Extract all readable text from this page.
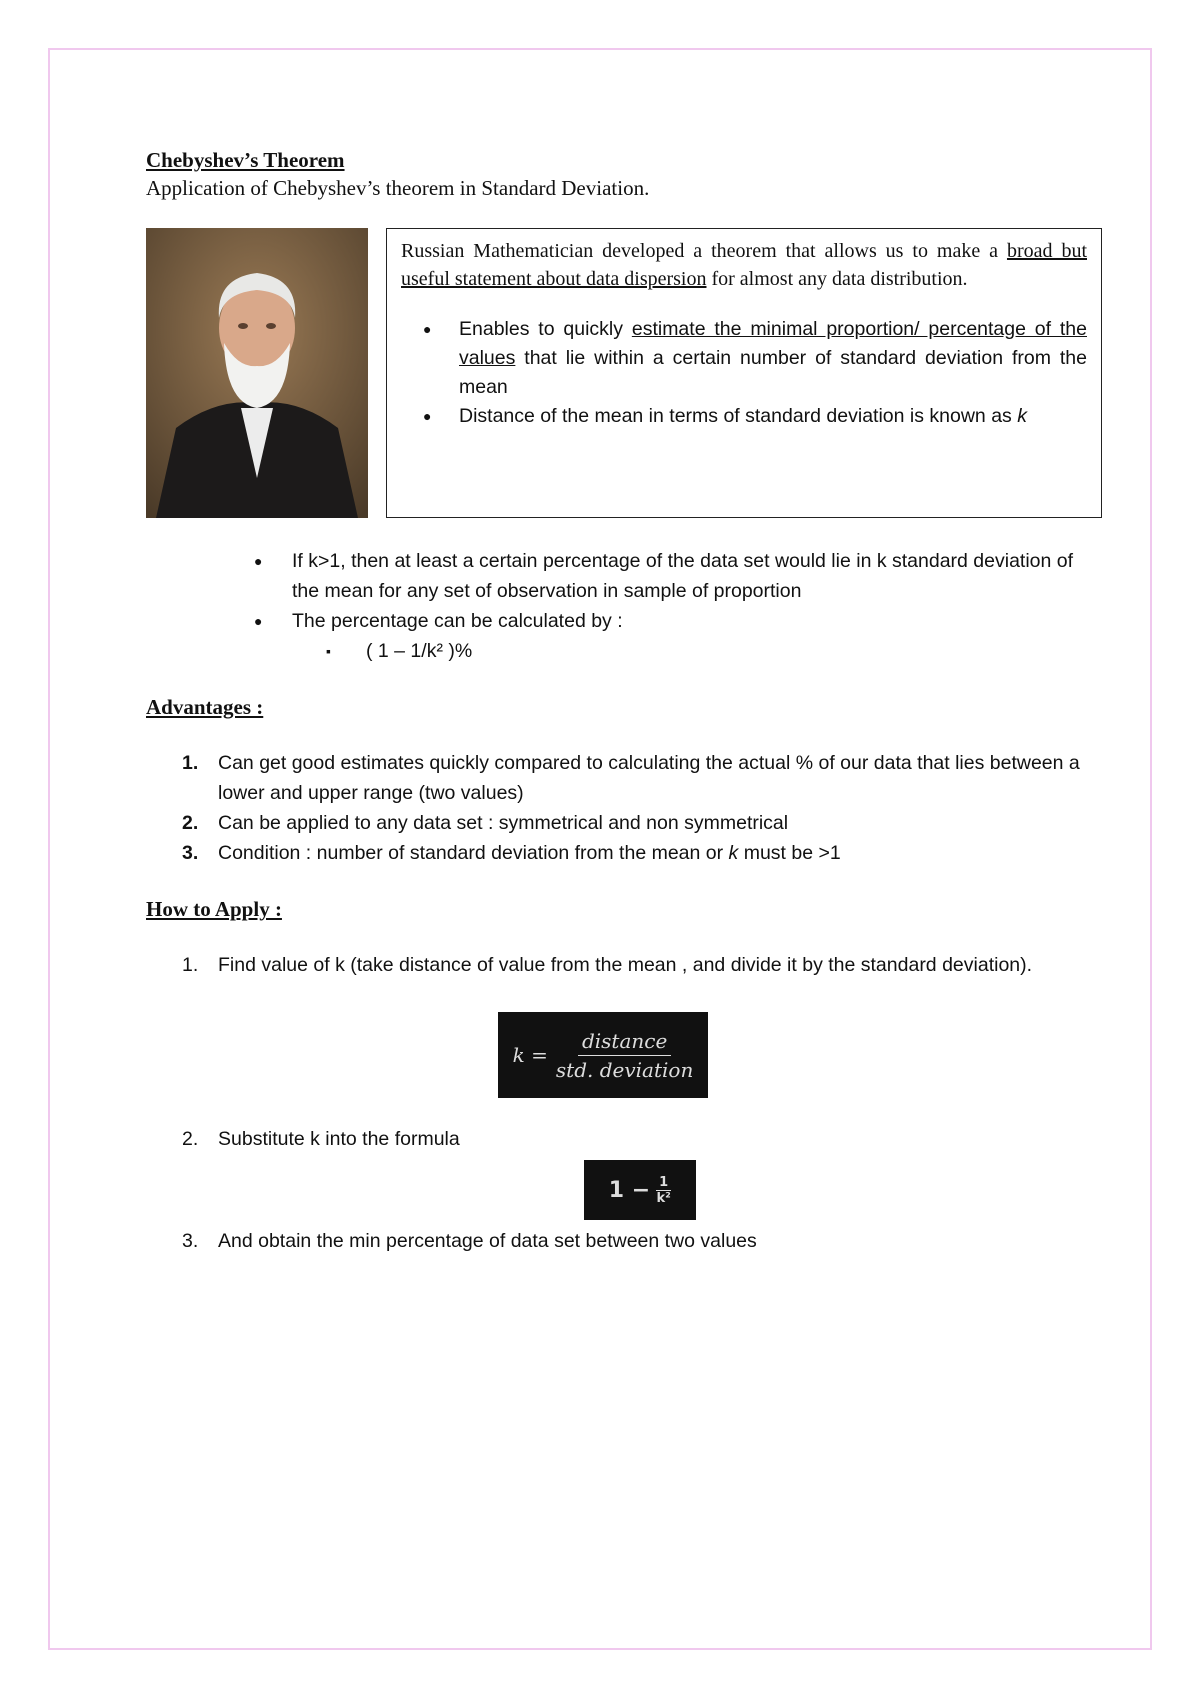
Chebyshev’s Theorem

Application of Chebyshev’s theorem in Standard Deviation.

Russian Mathematician developed a theorem that allows us to make a broad but useful statement about data dispersion for almost any data distribution.

● Enables to quickly estimate the minimal proportion/ percentage of the values that lie within a certain number of standard deviation from the mean
● Distance of the mean in terms of standard deviation is known as k
● If k>1, then at least a certain percentage of the data set would lie in k standard deviation of the mean for any set of observation in sample of proportion
● The percentage can be calculated by :
▪ ( 1 – 1/k² )%

Advantages :

1. Can get good estimates quickly compared to calculating the actual % of our data that lies between a lower and upper range (two values)
2. Can be applied to any data set : symmetrical and non symmetrical
3. Condition : number of standard deviation from the mean or k must be >1

How to Apply :

1. Find value of k (take distance of value from the mean , and divide it by the standard deviation).
$k = \frac{\text{distance}}{\text{std. deviation}}$
2. Substitute k into the formula
$1 - \frac{1}{\text{k²}}$
3. And obtain the min percentage of data set between two values
